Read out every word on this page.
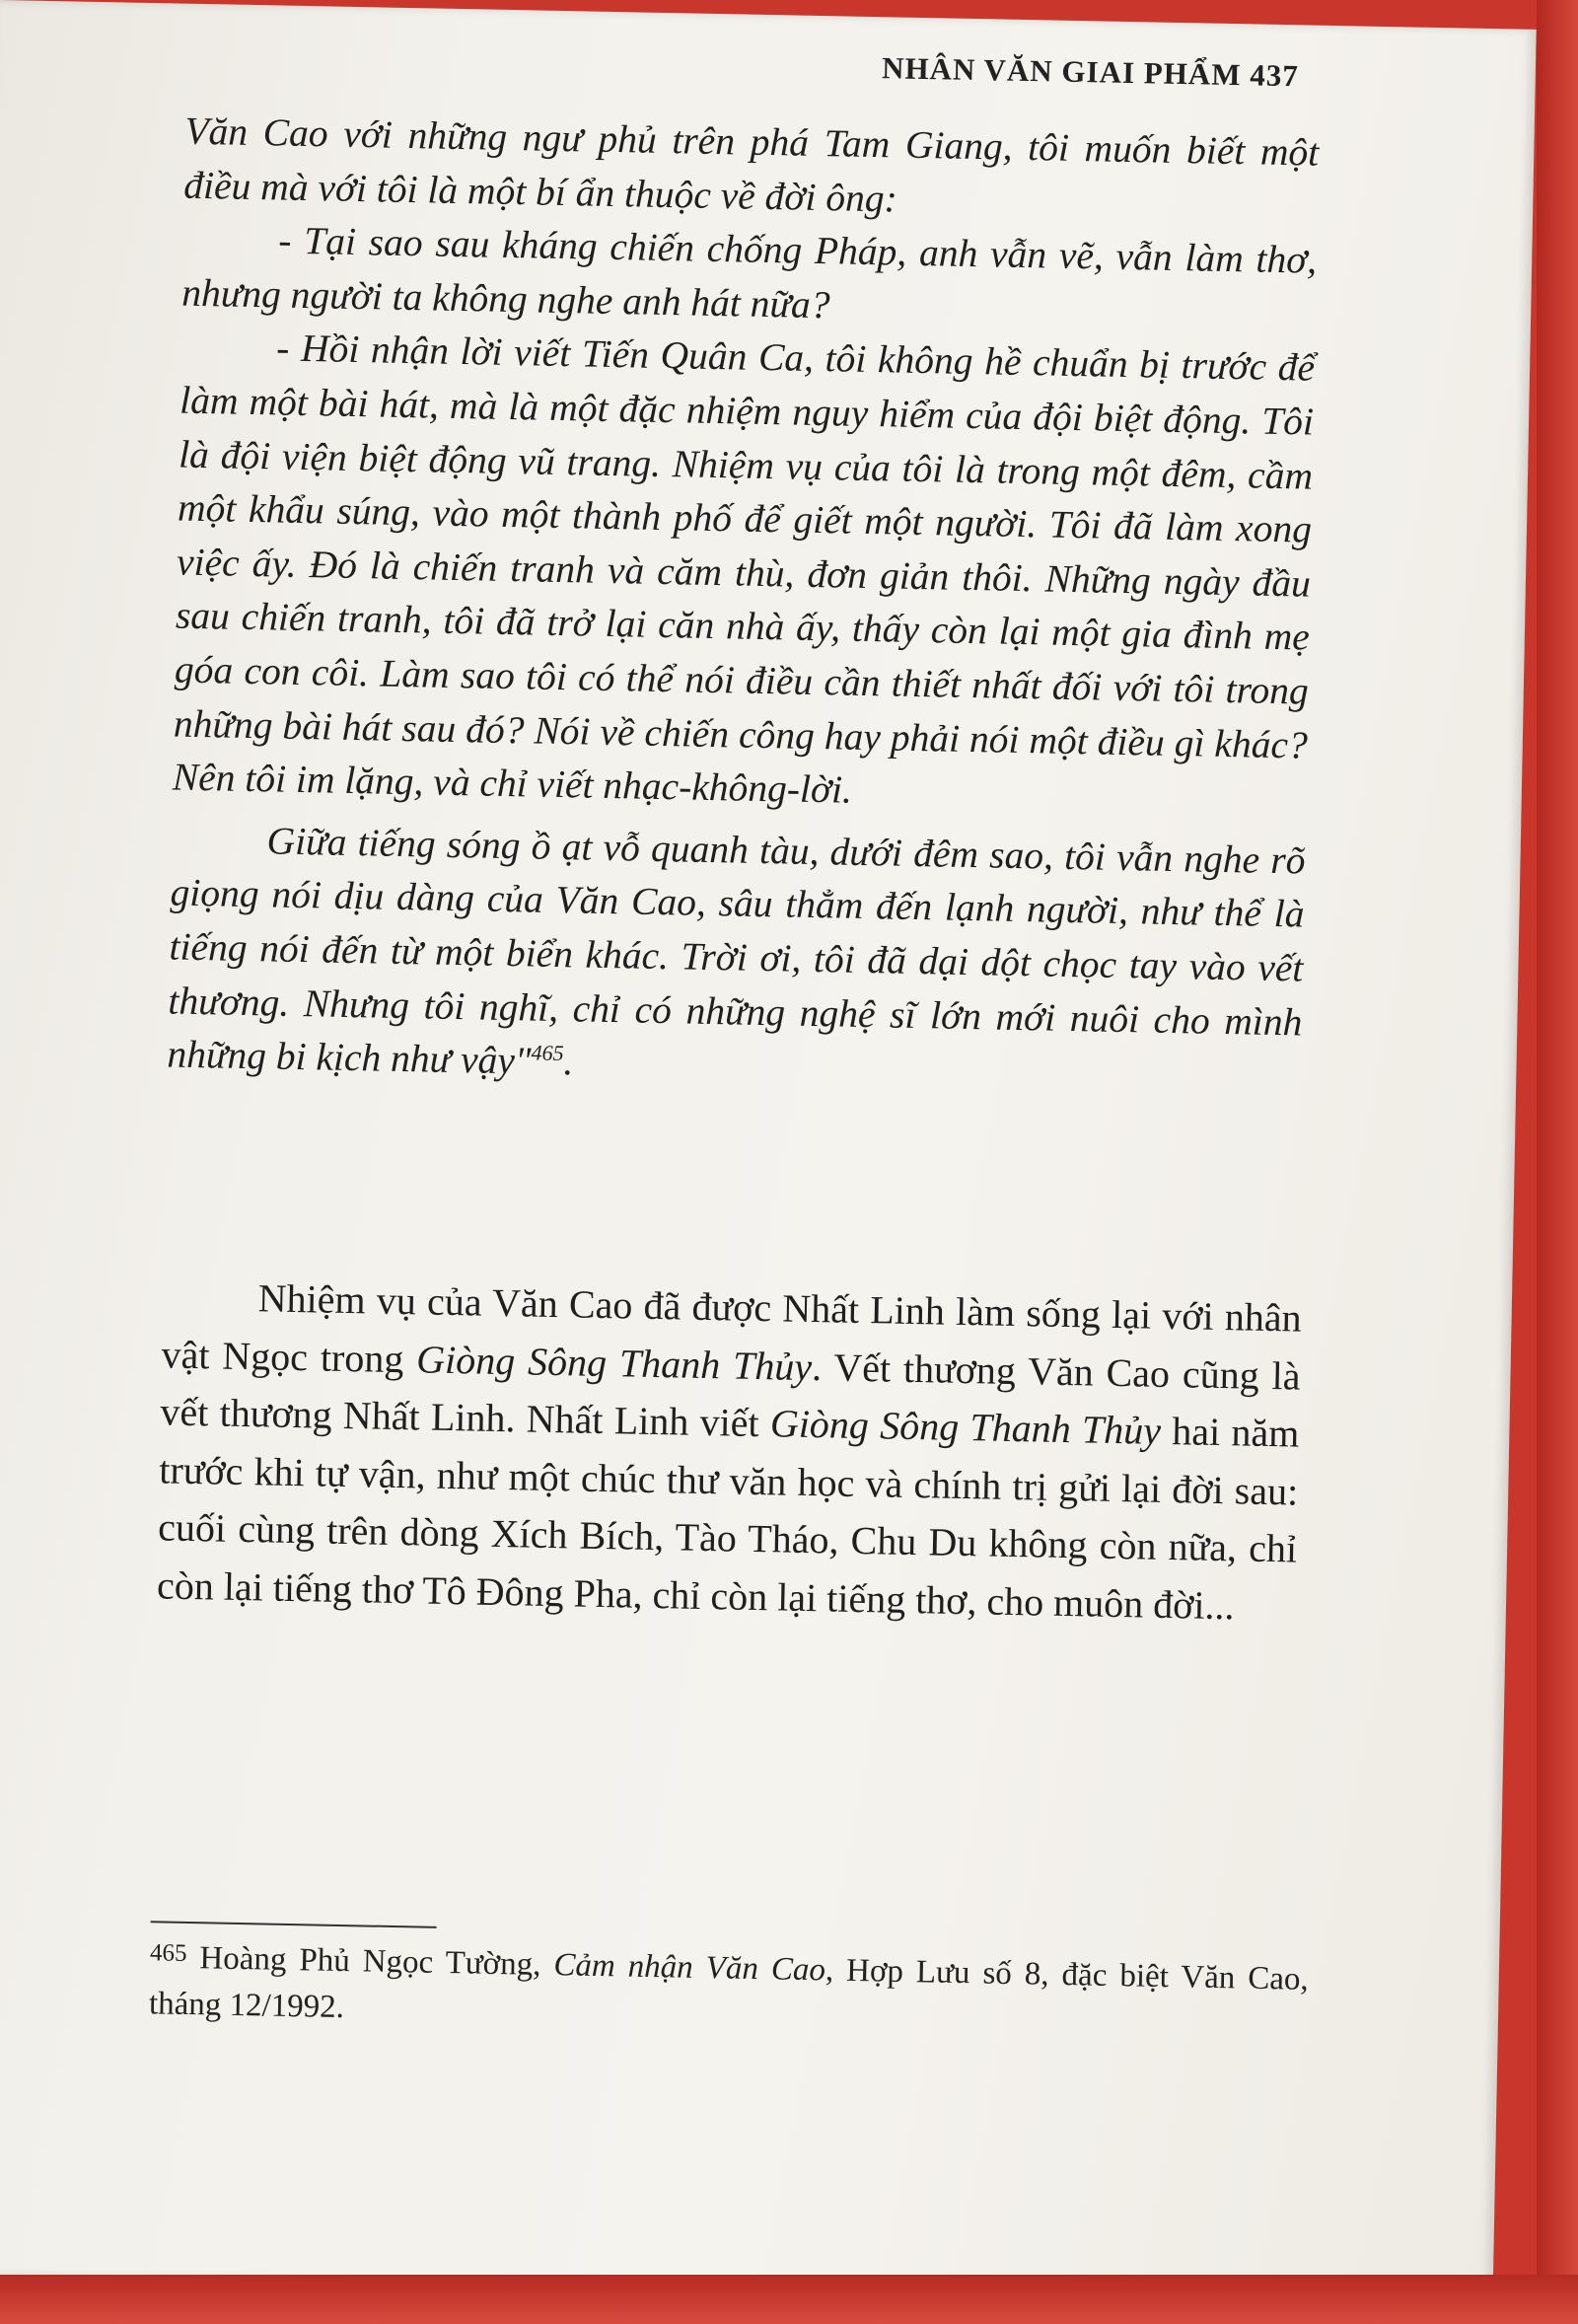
NHÂN VĂN GIAI PHẨM 437

Văn Cao với những ngư phủ trên phá Tam Giang, tôi muốn biết một điều mà với tôi là một bí ẩn thuộc về đời ông:

- Tại sao sau kháng chiến chống Pháp, anh vẫn vẽ, vẫn làm thơ, nhưng người ta không nghe anh hát nữa?

- Hồi nhận lời viết Tiến Quân Ca, tôi không hề chuẩn bị trước để làm một bài hát, mà là một đặc nhiệm nguy hiểm của đội biệt động. Tôi là đội viện biệt động vũ trang. Nhiệm vụ của tôi là trong một đêm, cầm một khẩu súng, vào một thành phố để giết một người. Tôi đã làm xong việc ấy. Đó là chiến tranh và căm thù, đơn giản thôi. Những ngày đầu sau chiến tranh, tôi đã trở lại căn nhà ấy, thấy còn lại một gia đình mẹ góa con côi. Làm sao tôi có thể nói điều cần thiết nhất đối với tôi trong những bài hát sau đó? Nói về chiến công hay phải nói một điều gì khác? Nên tôi im lặng, và chỉ viết nhạc-không-lời.

Giữa tiếng sóng ồ ạt vỗ quanh tàu, dưới đêm sao, tôi vẫn nghe rõ giọng nói dịu dàng của Văn Cao, sâu thẳm đến lạnh người, như thể là tiếng nói đến từ một biển khác. Trời ơi, tôi đã dại dột chọc tay vào vết thương. Nhưng tôi nghĩ, chỉ có những nghệ sĩ lớn mới nuôi cho mình những bi kịch như vậy"$^{465}$.

Nhiệm vụ của Văn Cao đã được Nhất Linh làm sống lại với nhân vật Ngọc trong Giòng Sông Thanh Thủy. Vết thương Văn Cao cũng là vết thương Nhất Linh. Nhất Linh viết Giòng Sông Thanh Thủy hai năm trước khi tự vận, như một chúc thư văn học và chính trị gửi lại đời sau: cuối cùng trên dòng Xích Bích, Tào Tháo, Chu Du không còn nữa, chỉ còn lại tiếng thơ Tô Đông Pha, chỉ còn lại tiếng thơ, cho muôn đời...

$^{465}$ Hoàng Phủ Ngọc Tường, Cảm nhận Văn Cao, Hợp Lưu số 8, đặc biệt Văn Cao, tháng 12/1992.
